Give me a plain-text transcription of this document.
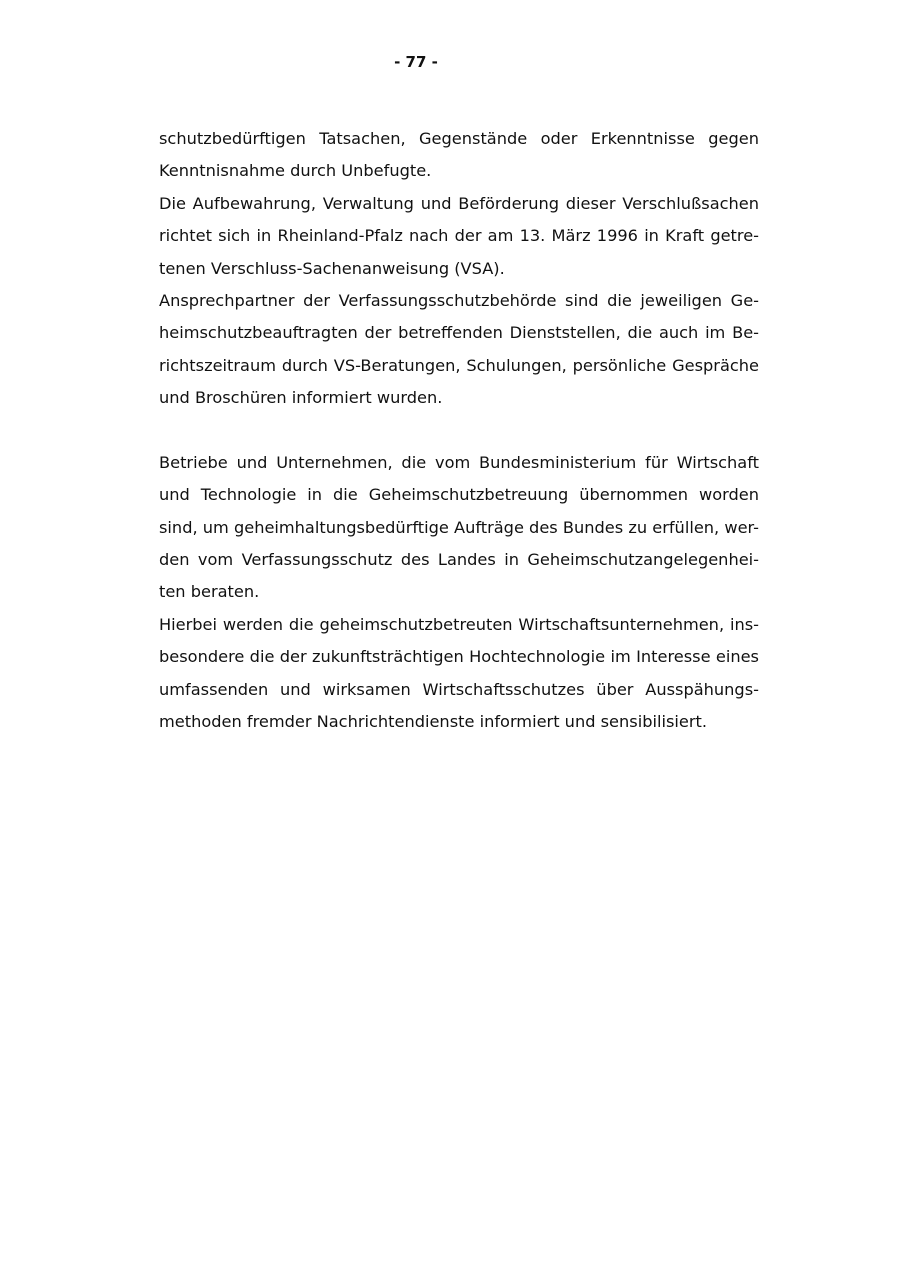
- 77 -
schutzbedürftigen Tatsachen, Gegenstände oder Erkenntnisse gegen
Kenntnisnahme durch Unbefugte.
Die Aufbewahrung, Verwaltung und Beförderung dieser Verschlußsachen
richtet sich in Rheinland-Pfalz nach der am 13. März 1996 in Kraft getre-
tenen Verschluss-Sachenanweisung (VSA).
Ansprechpartner der Verfassungsschutzbehörde sind die jeweiligen Ge-
heimschutzbeauftragten der betreffenden Dienststellen, die auch im Be-
richtszeitraum durch VS-Beratungen, Schulungen, persönliche Gespräche
und Broschüren informiert wurden.
Betriebe und Unternehmen, die vom Bundesministerium für Wirtschaft
und Technologie in die Geheimschutzbetreuung übernommen worden
sind, um geheimhaltungsbedürftige Aufträge des Bundes zu erfüllen, wer-
den vom Verfassungsschutz des Landes in Geheimschutzangelegenhei-
ten beraten.
Hierbei werden die geheimschutzbetreuten Wirtschaftsunternehmen, ins-
besondere die der zukunftsträchtigen Hochtechnologie im Interesse eines
umfassenden und wirksamen Wirtschaftsschutzes über Ausspähungs-
methoden fremder Nachrichtendienste informiert und sensibilisiert.
